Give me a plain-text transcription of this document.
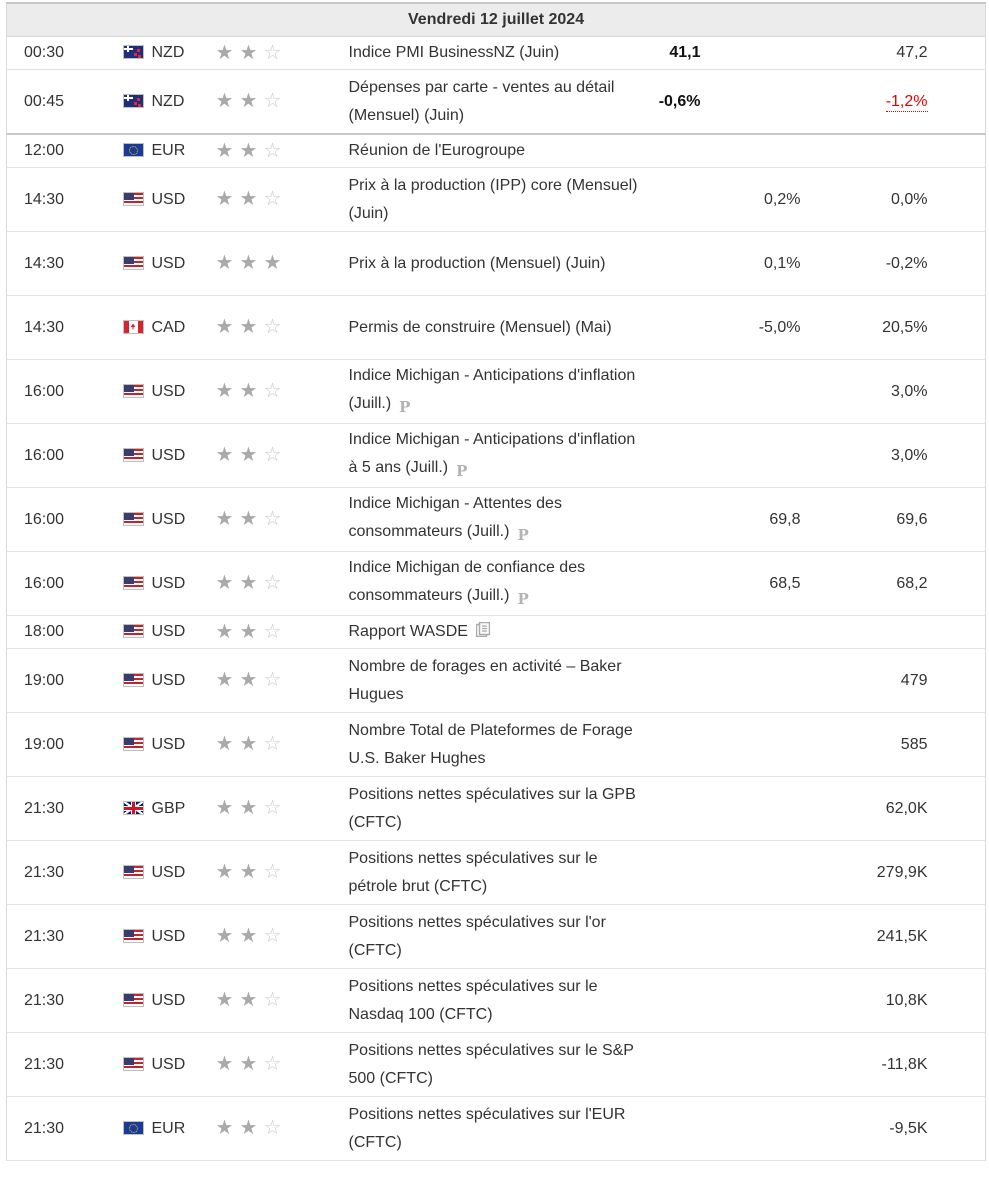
Vendredi 12 juillet 2024							
00:30	NZD	★ ★ ☆	Indice PMI BusinessNZ (Juin)	41,1		47,2	
00:45	NZD	★ ★ ☆	Dépenses par carte - ventes au détail (Mensuel) (Juin)	-0,6%		-1,2%	
12:00	EUR	★ ★ ☆	Réunion de l'Eurogroupe				
14:30	USD	★ ★ ☆	Prix à la production (IPP) core (Mensuel) (Juin)		0,2%	0,0%	
14:30	USD	★ ★ ★	Prix à la production (Mensuel) (Juin)		0,1%	-0,2%	
14:30	CAD	★ ★ ☆	Permis de construire (Mensuel) (Mai)		-5,0%	20,5%	
16:00	USD	★ ★ ☆	Indice Michigan - Anticipations d'inflation (Juill.) P			3,0%	
16:00	USD	★ ★ ☆	Indice Michigan - Anticipations d'inflation à 5 ans (Juill.) P			3,0%	
16:00	USD	★ ★ ☆	Indice Michigan - Attentes des consommateurs (Juill.) P		69,8	69,6	
16:00	USD	★ ★ ☆	Indice Michigan de confiance des consommateurs (Juill.) P		68,5	68,2	
18:00	USD	★ ★ ☆	Rapport WASDE				
19:00	USD	★ ★ ☆	Nombre de forages en activité – Baker Hugues			479	
19:00	USD	★ ★ ☆	Nombre Total de Plateformes de Forage U.S. Baker Hughes			585	
21:30	GBP	★ ★ ☆	Positions nettes spéculatives sur la GPB (CFTC)			62,0K	
21:30	USD	★ ★ ☆	Positions nettes spéculatives sur le pétrole brut (CFTC)			279,9K	
21:30	USD	★ ★ ☆	Positions nettes spéculatives sur l'or (CFTC)			241,5K	
21:30	USD	★ ★ ☆	Positions nettes spéculatives sur le Nasdaq 100 (CFTC)			10,8K	
21:30	USD	★ ★ ☆	Positions nettes spéculatives sur le S&P 500 (CFTC)			-11,8K	
21:30	EUR	★ ★ ☆	Positions nettes spéculatives sur l'EUR (CFTC)			-9,5K	
